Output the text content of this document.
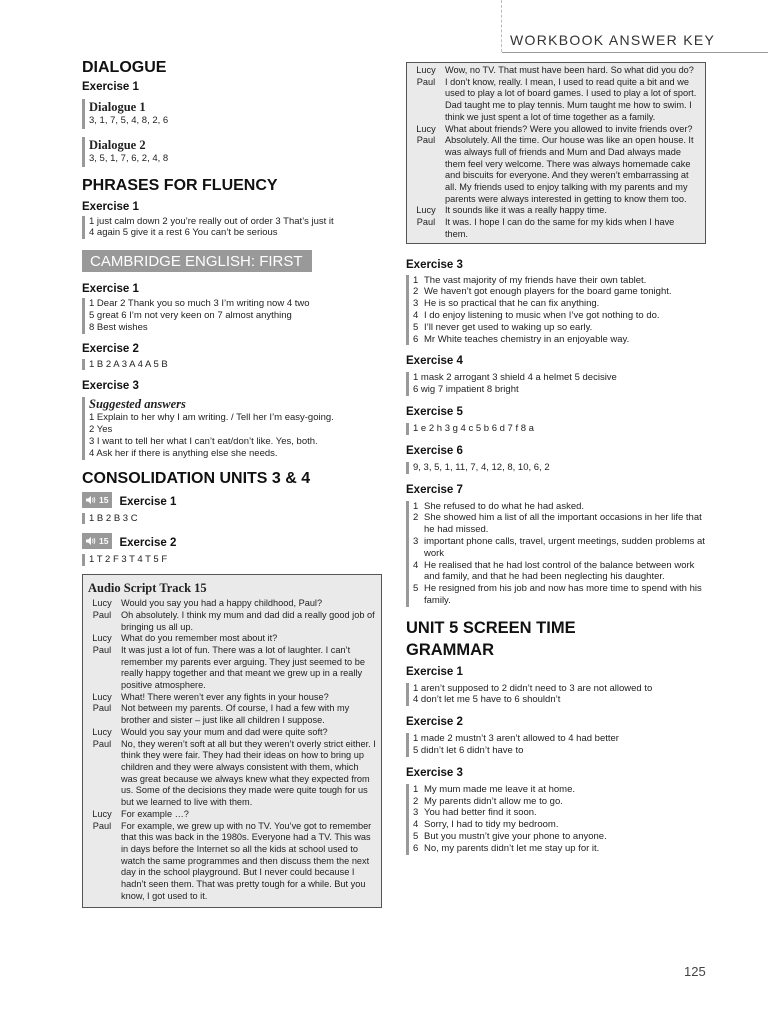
WORKBOOK ANSWER KEY
DIALOGUE
Exercise 1
Dialogue 1
3, 1, 7, 5, 4, 8, 2, 6
Dialogue 2
3, 5, 1, 7, 6, 2, 4, 8
PHRASES FOR FLUENCY
Exercise 1
1 just calm down 2 you’re really out of order 3 That’s just it
4 again 5 give it a rest 6 You can’t be serious
CAMBRIDGE ENGLISH: FIRST
Exercise 1
1 Dear 2 Thank you so much 3 I’m writing now 4 two
5 great 6 I’m not very keen on 7 almost anything
8 Best wishes
Exercise 2
1 B 2 A 3 A 4 A 5 B
Exercise 3
Suggested answers
1 Explain to her why I am writing. / Tell her I’m easy-going.
2 Yes
3 I want to tell her what I can’t eat/don’t like. Yes, both.
4 Ask her if there is anything else she needs.
CONSOLIDATION UNITS 3 & 4
15 Exercise 1
1 B 2 B 3 C
15 Exercise 2
1 T 2 F 3 T 4 T 5 F
Audio Script Track 15
Lucy	Would you say you had a happy childhood, Paul?
Paul	Oh absolutely. I think my mum and dad did a really good job of bringing us all up.
Lucy	What do you remember most about it?
Paul	It was just a lot of fun. There was a lot of laughter. I can’t remember my parents ever arguing. They just seemed to be really happy together and that meant we grew up in a really positive atmosphere.
Lucy	What! There weren’t ever any fights in your house?
Paul	Not between my parents. Of course, I had a few with my brother and sister – just like all children I suppose.
Lucy	Would you say your mum and dad were quite soft?
Paul	No, they weren’t soft at all but they weren’t overly strict either. I think they were fair. They had their ideas on how to bring up children and they were always consistent with them, which was great because we always knew what they expected from us. Some of the decisions they made were quite tough for us but we learned to live with them.
Lucy	For example …?
Paul	For example, we grew up with no TV. You’ve got to remember that this was back in the 1980s. Everyone had a TV. This was in days before the Internet so all the kids at school used to watch the same programmes and then discuss them the next day in the school playground. But I never could because I hadn’t seen them. That was pretty tough for a while. But you know, I got used to it.
Lucy	Wow, no TV. That must have been hard. So what did you do?
Paul	I don’t know, really. I mean, I used to read quite a bit and we used to play a lot of board games. I used to play a lot of sport. Dad taught me to play tennis. Mum taught me how to swim. I think we just spent a lot of time together as a family.
Lucy	What about friends? Were you allowed to invite friends over?
Paul	Absolutely. All the time. Our house was like an open house. It was always full of friends and Mum and Dad always made them feel very welcome. There was always homemade cake and biscuits for everyone. And they weren’t embarrassing at all. My friends used to enjoy talking with my parents and my parents were always interested in getting to know them too.
Lucy	It sounds like it was a really happy time.
Paul	It was. I hope I can do the same for my kids when I have them.
Exercise 3
1 The vast majority of my friends have their own tablet.
2 We haven’t got enough players for the board game tonight.
3 He is so practical that he can fix anything.
4 I do enjoy listening to music when I’ve got nothing to do.
5 I’ll never get used to waking up so early.
6 Mr White teaches chemistry in an enjoyable way.
Exercise 4
1 mask 2 arrogant 3 shield 4 a helmet 5 decisive
6 wig 7 impatient 8 bright
Exercise 5
1 e 2 h 3 g 4 c 5 b 6 d 7 f 8 a
Exercise 6
9, 3, 5, 1, 11, 7, 4, 12, 8, 10, 6, 2
Exercise 7
1 She refused to do what he had asked.
2 She showed him a list of all the important occasions in her life that he had missed.
3 important phone calls, travel, urgent meetings, sudden problems at work
4 He realised that he had lost control of the balance between work and family, and that he had been neglecting his daughter.
5 He resigned from his job and now has more time to spend with his family.
UNIT 5 SCREEN TIME
GRAMMAR
Exercise 1
1 aren’t supposed to 2 didn’t need to 3 are not allowed to
4 don’t let me 5 have to 6 shouldn’t
Exercise 2
1 made 2 mustn’t 3 aren’t allowed to 4 had better
5 didn’t let 6 didn’t have to
Exercise 3
1 My mum made me leave it at home.
2 My parents didn’t allow me to go.
3 You had better find it soon.
4 Sorry, I had to tidy my bedroom.
5 But you mustn’t give your phone to anyone.
6 No, my parents didn’t let me stay up for it.
125
